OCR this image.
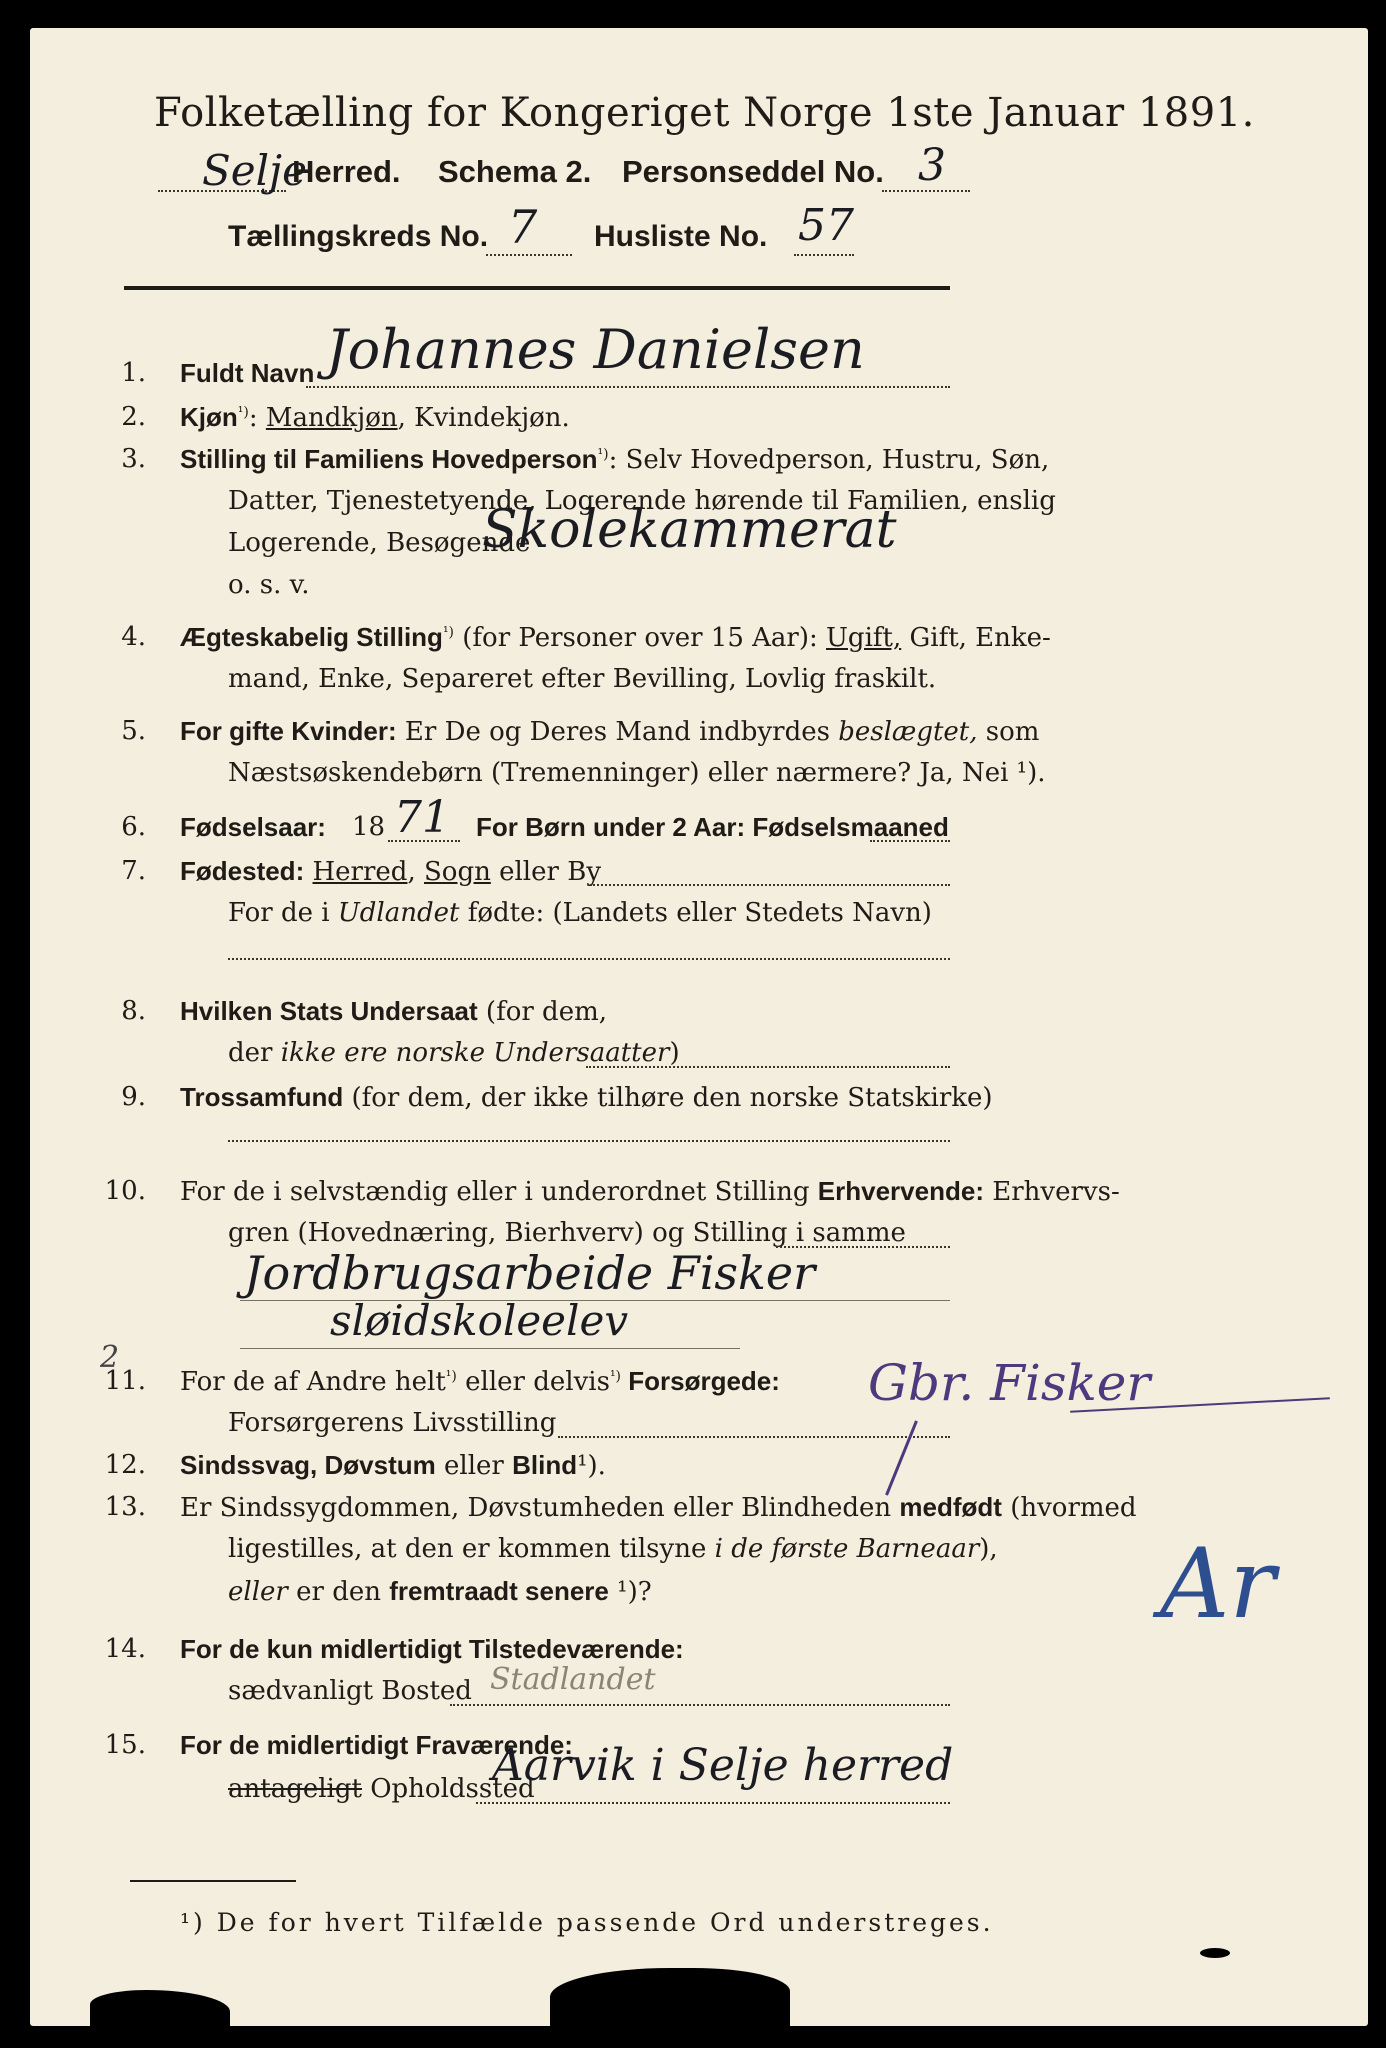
Folketælling for Kongeriget Norge 1ste Januar 1891.
Selje
Herred. Schema 2. Personseddel No. 3
Tællingskreds No. 7 Husliste No. 57
1. Fuldt Navn Johannes Danielsen
2. Kjøn$^{^1)}$: Mandkjøn, Kvindekjøn.
3. Stilling til Familiens Hovedperson$^{^1)}$: Selv Hovedperson, Hustru, Søn,
Datter, Tjenestetyende, Logerende hørende til Familien, enslig
Logerende, Besøgende
Skolekammerat
o. s. v.
4. Ægteskabelig Stilling$^{^1)}$ (for Personer over 15 Aar): Ugift, Gift, Enke-
mand, Enke, Separeret efter Bevilling, Lovlig fraskilt.
5. For gifte Kvinder: Er De og Deres Mand indbyrdes beslægtet, som
Næstsøskendebørn (Tremenninger) eller nærmere? Ja, Nei ¹).
6. Fødselsaar: 18 71 For Børn under 2 Aar: Fødselsmaaned
7. Fødested: Herred, Sogn eller By
For de i Udlandet fødte: (Landets eller Stedets Navn)
8. Hvilken Stats Undersaat (for dem,
der ikke ere norske Undersaatter)
9. Trossamfund (for dem, der ikke tilhøre den norske Statskirke)
10. For de i selvstændig eller i underordnet Stilling Erhvervende: Erhvervs-
gren (Hovednæring, Bierhverv) og Stilling i samme
Jordbrugsarbeide Fisker
sløidskoleelev
2
11. For de af Andre helt$^{^1)}$ eller delvis$^{^1)}$ Forsørgede:
Forsørgerens Livsstilling
Gbr. Fisker
12. Sindssvag, Døvstum eller Blind¹).
13. Er Sindssygdommen, Døvstumheden eller Blindheden medfødt (hvormed
ligestilles, at den er kommen tilsyne i de første Barneaar),
eller er den fremtraadt senere ¹)?	Ar
14. For de kun midlertidigt Tilstedeværende:
sædvanligt Bosted Stadlandet
15. For de midlertidigt Fraværende:
antageligt Opholdssted
Aarvik i Selje herred
¹) De for hvert Tilfælde passende Ord understreges.
